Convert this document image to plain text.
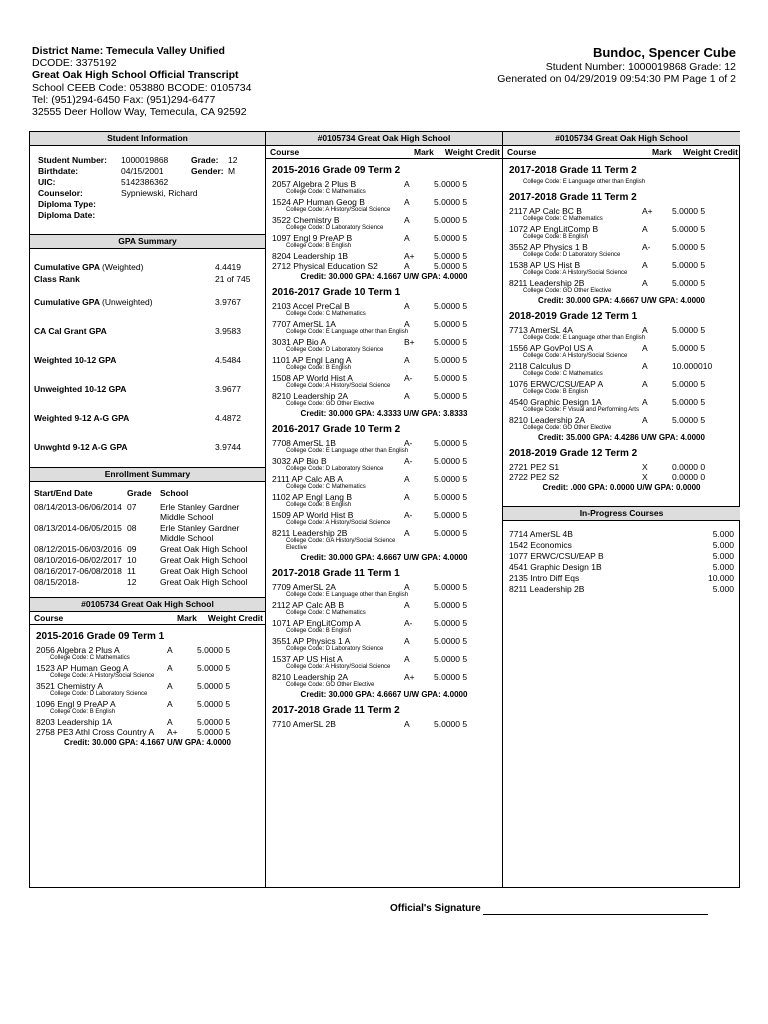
District Name: Temecula Valley Unified
DCODE: 3375192
Great Oak High School Official Transcript
School CEEB Code: 053880 BCODE: 0105734
Tel: (951)294-6450 Fax: (951)294-6477
32555 Deer Hollow Way, Temecula, CA 92592
Bundoc, Spencer Cube
Student Number: 1000019868 Grade: 12
Generated on 04/29/2019 09:54:30 PM Page 1 of 2
Student Information
Student Number:	1000019868	Grade:	12
Birthdate:	04/15/2001	Gender: M
UIC:	5142386362
Counselor:	Sypniewski, Richard
Diploma Type:
Diploma Date:
GPA Summary
Cumulative GPA (Weighted)	4.4419
Class Rank	21 of 745
Cumulative GPA (Unweighted)	3.9767
CA Cal Grant GPA	3.9583
Weighted 10-12 GPA	4.5484
Unweighted 10-12 GPA	3.9677
Weighted 9-12 A-G GPA	4.4872
Unwghtd 9-12 A-G GPA	3.9744
Enrollment Summary
Start/End Date	Grade School
08/14/2013-06/06/2014 07	Erle Stanley Gardner Middle School
08/13/2014-06/05/2015 08	Erle Stanley Gardner Middle School
08/12/2015-06/03/2016 09	Great Oak High School
08/10/2016-06/02/2017 10	Great Oak High School
08/16/2017-06/08/2018 11	Great Oak High School
08/15/2018-	12	Great Oak High School
#0105734 Great Oak High School
Course	Mark	Weight Credit
2015-2016 Grade 09 Term 1
2056 Algebra 2 Plus A	A	5.0000 5
College Code: C Mathematics
1523 AP Human Geog A	A	5.0000 5
College Code: A History/Social Science
3521 Chemistry A	A	5.0000 5
College Code: D Laboratory Science
1096 Engl 9 PreAP A	A	5.0000 5
College Code: B English
8203 Leadership 1A	A	5.0000 5
2758 PE3 Athl Cross Country A	A+	5.0000 5
Credit: 30.000 GPA: 4.1667 U/W GPA: 4.0000
#0105734 Great Oak High School
Course	Mark	Weight Credit
2015-2016 Grade 09 Term 2
2057 Algebra 2 Plus B	A	5.0000 5
College Code: C Mathematics
1524 AP Human Geog B	A	5.0000 5
College Code: A History/Social Science
3522 Chemistry B	A	5.0000 5
College Code: D Laboratory Science
1097 Engl 9 PreAP B	A	5.0000 5
College Code: B English
8204 Leadership 1B	A+	5.0000 5
2712 Physical Education S2	A	5.0000 5
Credit: 30.000 GPA: 4.1667 U/W GPA: 4.0000
2016-2017 Grade 10 Term 1
2103 Accel PreCal B	A	5.0000 5
College Code: C Mathematics
7707 AmerSL 1A	A	5.0000 5
College Code: E Language other than English
3031 AP Bio A	B+	5.0000 5
College Code: D Laboratory Science
1101 AP Engl Lang A	A	5.0000 5
College Code: B English
1508 AP World Hist A	A-	5.0000 5
College Code: A History/Social Science
8210 Leadership 2A	A	5.0000 5
College Code: GO Other Elective
Credit: 30.000 GPA: 4.3333 U/W GPA: 3.8333
2016-2017 Grade 10 Term 2
7708 AmerSL 1B	A-	5.0000 5
College Code: E Language other than English
3032 AP Bio B	A-	5.0000 5
College Code: D Laboratory Science
2111 AP Calc AB A	A	5.0000 5
College Code: C Mathematics
1102 AP Engl Lang B	A	5.0000 5
College Code: B English
1509 AP World Hist B	A-	5.0000 5
College Code: A History/Social Science
8211 Leadership 2B	A	5.0000 5
College Code: GA History/Social Science Elective
Credit: 30.000 GPA: 4.6667 U/W GPA: 4.0000
2017-2018 Grade 11 Term 1
7709 AmerSL 2A	A	5.0000 5
College Code: E Language other than English
2112 AP Calc AB B	A	5.0000 5
College Code: C Mathematics
1071 AP EngLitComp A	A-	5.0000 5
College Code: B English
3551 AP Physics 1 A	A	5.0000 5
College Code: D Laboratory Science
1537 AP US Hist A	A	5.0000 5
College Code: A History/Social Science
8210 Leadership 2A	A+	5.0000 5
College Code: GO Other Elective
Credit: 30.000 GPA: 4.6667 U/W GPA: 4.0000
2017-2018 Grade 11 Term 2
7710 AmerSL 2B	A	5.0000 5
#0105734 Great Oak High School
Course	Mark	Weight Credit
2017-2018 Grade 11 Term 2
College Code: E Language other than English
2017-2018 Grade 11 Term 2
2117 AP Calc BC B	A+	5.0000 5
College Code: C Mathematics
1072 AP EngLitComp B	A	5.0000 5
College Code: B English
3552 AP Physics 1 B	A-	5.0000 5
College Code: D Laboratory Science
1538 AP US Hist B	A	5.0000 5
College Code: A History/Social Science
8211 Leadership 2B	A	5.0000 5
College Code: GO Other Elective
Credit: 30.000 GPA: 4.6667 U/W GPA: 4.0000
2018-2019 Grade 12 Term 1
7713 AmerSL 4A	A	5.0000 5
College Code: E Language other than English
1556 AP GovPol US A	A	5.0000 5
College Code: A History/Social Science
2118 Calculus D	A	10.000010
College Code: C Mathematics
1076 ERWC/CSU/EAP A	A	5.0000 5
College Code: B English
4540 Graphic Design 1A	A	5.0000 5
College Code: F Visual and Performing Arts
8210 Leadership 2A	A	5.0000 5
College Code: GO Other Elective
Credit: 35.000 GPA: 4.4286 U/W GPA: 4.0000
2018-2019 Grade 12 Term 2
2721 PE2 S1	X	0.0000 0
2722 PE2 S2	X	0.0000 0
Credit: .000 GPA: 0.0000 U/W GPA: 0.0000
In-Progress Courses
7714 AmerSL 4B	5.000
1542 Economics	5.000
1077 ERWC/CSU/EAP B	5.000
4541 Graphic Design 1B	5.000
2135 Intro Diff Eqs	10.000
8211 Leadership 2B	5.000
Official's Signature
